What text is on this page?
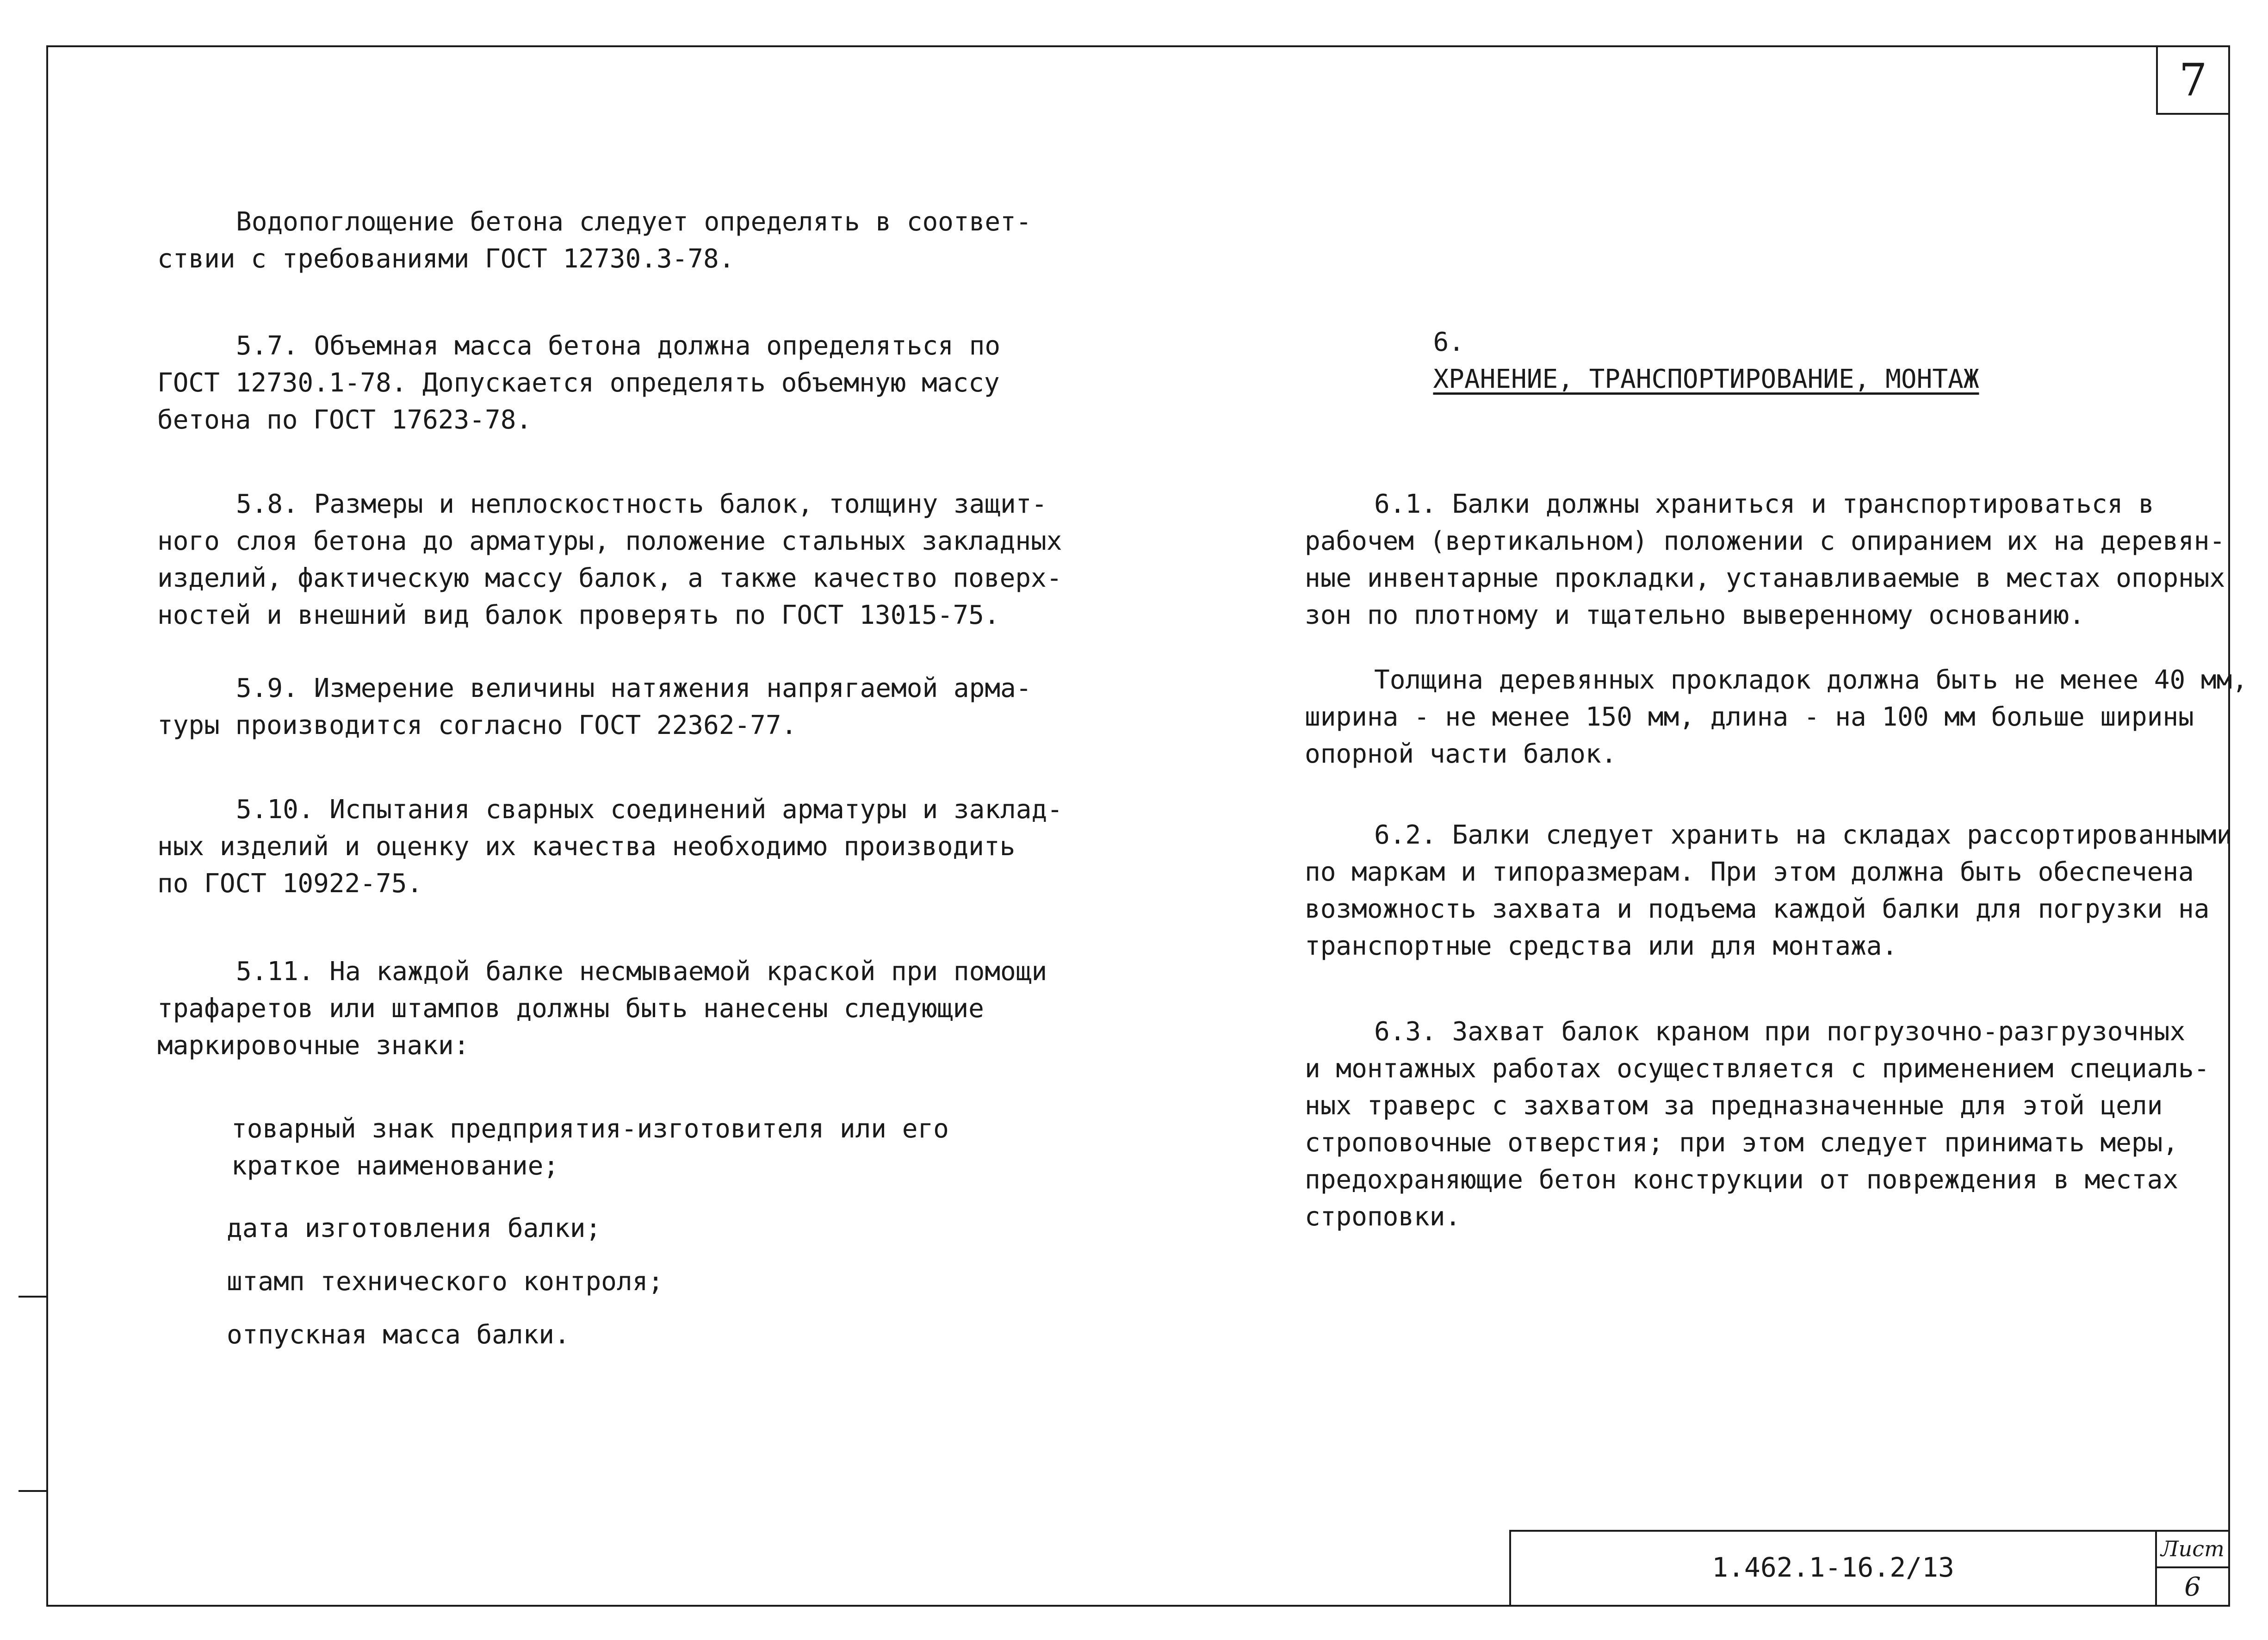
7
Водопоглощение бетона следует определять в соответ-
ствии с требованиями ГОСТ 12730.3-78.
5.7. Объемная масса бетона должна определяться по
ГОСТ 12730.1-78. Допускается определять объемную массу
бетона по ГОСТ 17623-78.
5.8. Размеры и неплоскостность балок, толщину защит-
ного слоя бетона до арматуры, положение стальных закладных
изделий, фактическую массу балок, а также качество поверх-
ностей и внешний вид балок проверять по ГОСТ 13015-75.
5.9. Измерение величины натяжения напрягаемой арма-
туры производится согласно ГОСТ 22362-77.
5.10. Испытания сварных соединений арматуры и заклад-
ных изделий и оценку их качества необходимо производить
по ГОСТ 10922-75.
5.11. На каждой балке несмываемой краской при помощи
трафаретов или штампов должны быть нанесены следующие
маркировочные знаки:
товарный знак предприятия-изготовителя или его
краткое наименование;
дата изготовления балки;
штамп технического контроля;
отпускная масса балки.

6.
ХРАНЕНИЕ, ТРАНСПОРТИРОВАНИЕ, МОНТАЖ

6.1. Балки должны храниться и транспортироваться в
рабочем (вертикальном) положении с опиранием их на деревян-
ные инвентарные прокладки, устанавливаемые в местах опорных
зон по плотному и тщательно выверенному основанию.
Толщина деревянных прокладок должна быть не менее 40 мм,
ширина - не менее 150 мм, длина - на 100 мм больше ширины
опорной части балок.
6.2. Балки следует хранить на складах рассортированными
по маркам и типоразмерам. При этом должна быть обеспечена
возможность захвата и подъема каждой балки для погрузки на
транспортные средства или для монтажа.
6.3. Захват балок краном при погрузочно-разгрузочных
и монтажных работах осуществляется с применением специаль-
ных траверс с захватом за предназначенные для этой цели
строповочные отверстия; при этом следует принимать меры,
предохраняющие бетон конструкции от повреждения в местах
строповки.
1.462.1-16.2/13
Лист
6
